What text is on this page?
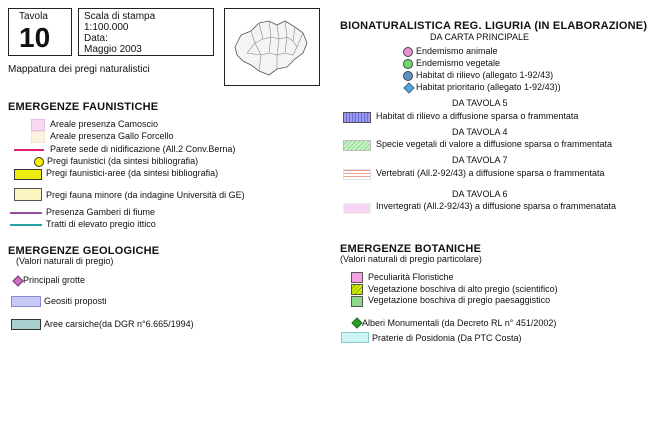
Tavola
10
Scala di stampa
1:100.000
Data:
Maggio 2003
Mappatura dei pregi naturalistici
BIONATURALISTICA REG. LIGURIA (IN ELABORAZIONE)
DA CARTA PRINCIPALE
Endemismo animale
Endemismo vegetale
Habitat di rilievo (allegato 1-92/43)
Habitat prioritario (allegato 1-92/43))
DA TAVOLA 5
Habitat di rilievo a diffusione sparsa o frammentata
DA TAVOLA 4
Specie vegetali di valore a diffusione sparsa o frammentata
DA TAVOLA 7
Vertebrati (All.2-92/43) a diffusione sparsa o frammentata
DA TAVOLA 6
Invertegrati (All.2-92/43) a diffusione sparsa o frammenatata
EMERGENZE FAUNISTICHE
Areale presenza Camoscio
Areale presenza Gallo Forcello
Parete sede di nidificazione (All.2 Conv.Berna)
Pregi faunistici (da sintesi bibliografia)
Pregi faunistici-aree (da sintesi bibliografia)
Pregi fauna minore (da indagine Università di GE)
Presenza Gamberi di fiume
Tratti di elevato pregio ittico
EMERGENZE GEOLOGICHE
(Valori naturali di pregio)
Principali grotte
Geositi proposti
Aree carsiche(da DGR n°6.665/1994)
EMERGENZE BOTANICHE
(Valori naturali di pregio particolare)
Peculiarità Floristiche
Vegetazione boschiva di alto pregio (scientifico)
Vegetazione boschiva di pregio paesaggistico
Alberi Monumentali (da Decreto RL n° 451/2002)
Praterie di Posidonia (Da PTC Costa)
